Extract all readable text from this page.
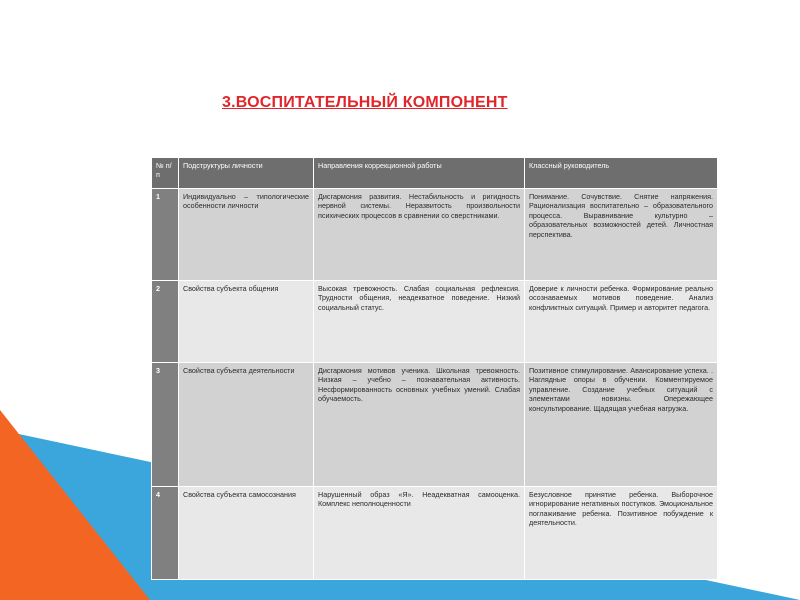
3.ВОСПИТАТЕЛЬНЫЙ КОМПОНЕНТ
№ п/п	Подструктуры личности	Направления коррекционной работы	Классный руководитель
1	Индивидуально – типологические особенности личности	Дисгармония развития. Нестабильность и ригидность нервной системы. Неразвитость произвольности психических процессов в сравнении со сверстниками.	Понимание. Сочувствие. Снятие напряжения. Рационализация воспитательно – образовательного процесса. Выравнивание культурно – образовательных возможностей детей. Личностная перспектива.
2	Свойства субъекта общения	Высокая тревожность. Слабая социальная рефлексия. Трудности общения, неадекватное поведение. Низкий социальный статус.	Доверие к личности ребенка. Формирование реально осознаваемых мотивов поведение. Анализ конфликтных ситуаций. Пример и авторитет педагога.
3	Свойства субъекта деятельности	Дисгармония мотивов ученика. Школьная тревожность. Низкая – учебно – познавательная активность. Несформированность основных учебных умений. Слабая обучаемость.	Позитивное стимулирование. Авансирование успеха. . Наглядные опоры в обучении. Комментируемое управление. Создание учебных ситуаций с элементами новизны. Опережающее консультирование. Щадящая учебная нагрузка.
4	Свойства субъекта самосознания	Нарушенный образ «Я». Неадекватная самооценка. Комплекс неполноценности	Безусловное принятие ребенка. Выборочное игнорирование негативных поступков. Эмоциональное поглаживание ребенка. Позитивное побуждение к деятельности.
